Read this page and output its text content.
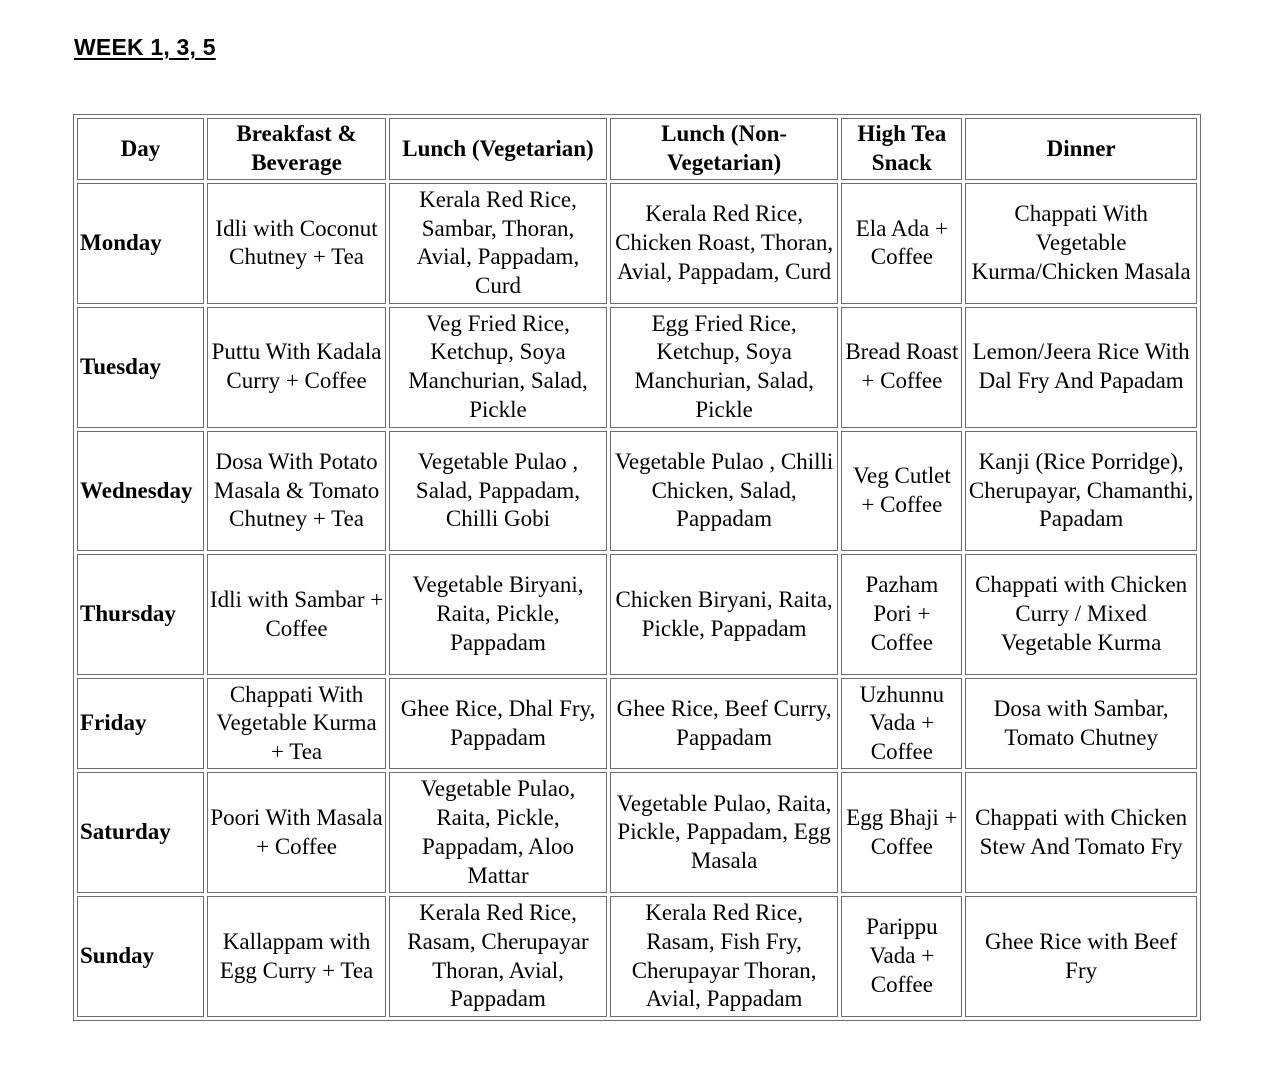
WEEK 1, 3, 5
Day	Breakfast & Beverage	Lunch (Vegetarian)	Lunch (Non-Vegetarian)	High Tea Snack	Dinner
Monday	Idli with Coconut Chutney + Tea	Kerala Red Rice, Sambar, Thoran, Avial, Pappadam, Curd	Kerala Red Rice, Chicken Roast, Thoran, Avial, Pappadam, Curd	Ela Ada + Coffee	Chappati With Vegetable Kurma/Chicken Masala
Tuesday	Puttu With Kadala Curry + Coffee	Veg Fried Rice, Ketchup, Soya Manchurian, Salad, Pickle	Egg Fried Rice, Ketchup, Soya Manchurian, Salad, Pickle	Bread Roast + Coffee	Lemon/Jeera Rice With Dal Fry And Papadam
Wednesday	Dosa With Potato Masala & Tomato Chutney + Tea	Vegetable Pulao , Salad, Pappadam, Chilli Gobi	Vegetable Pulao , Chilli Chicken, Salad, Pappadam	Veg Cutlet + Coffee	Kanji (Rice Porridge), Cherupayar, Chamanthi, Papadam
Thursday	Idli with Sambar + Coffee	Vegetable Biryani, Raita, Pickle, Pappadam	Chicken Biryani, Raita, Pickle, Pappadam	Pazham Pori + Coffee	Chappati with Chicken Curry / Mixed Vegetable Kurma
Friday	Chappati With Vegetable Kurma + Tea	Ghee Rice, Dhal Fry, Pappadam	Ghee Rice, Beef Curry, Pappadam	Uzhunnu Vada + Coffee	Dosa with Sambar, Tomato Chutney
Saturday	Poori With Masala + Coffee	Vegetable Pulao, Raita, Pickle, Pappadam, Aloo Mattar	Vegetable Pulao, Raita, Pickle, Pappadam, Egg Masala	Egg Bhaji + Coffee	Chappati with Chicken Stew And Tomato Fry
Sunday	Kallappam with Egg Curry + Tea	Kerala Red Rice, Rasam, Cherupayar Thoran, Avial, Pappadam	Kerala Red Rice, Rasam, Fish Fry, Cherupayar Thoran, Avial, Pappadam	Parippu Vada + Coffee	Ghee Rice with Beef Fry
